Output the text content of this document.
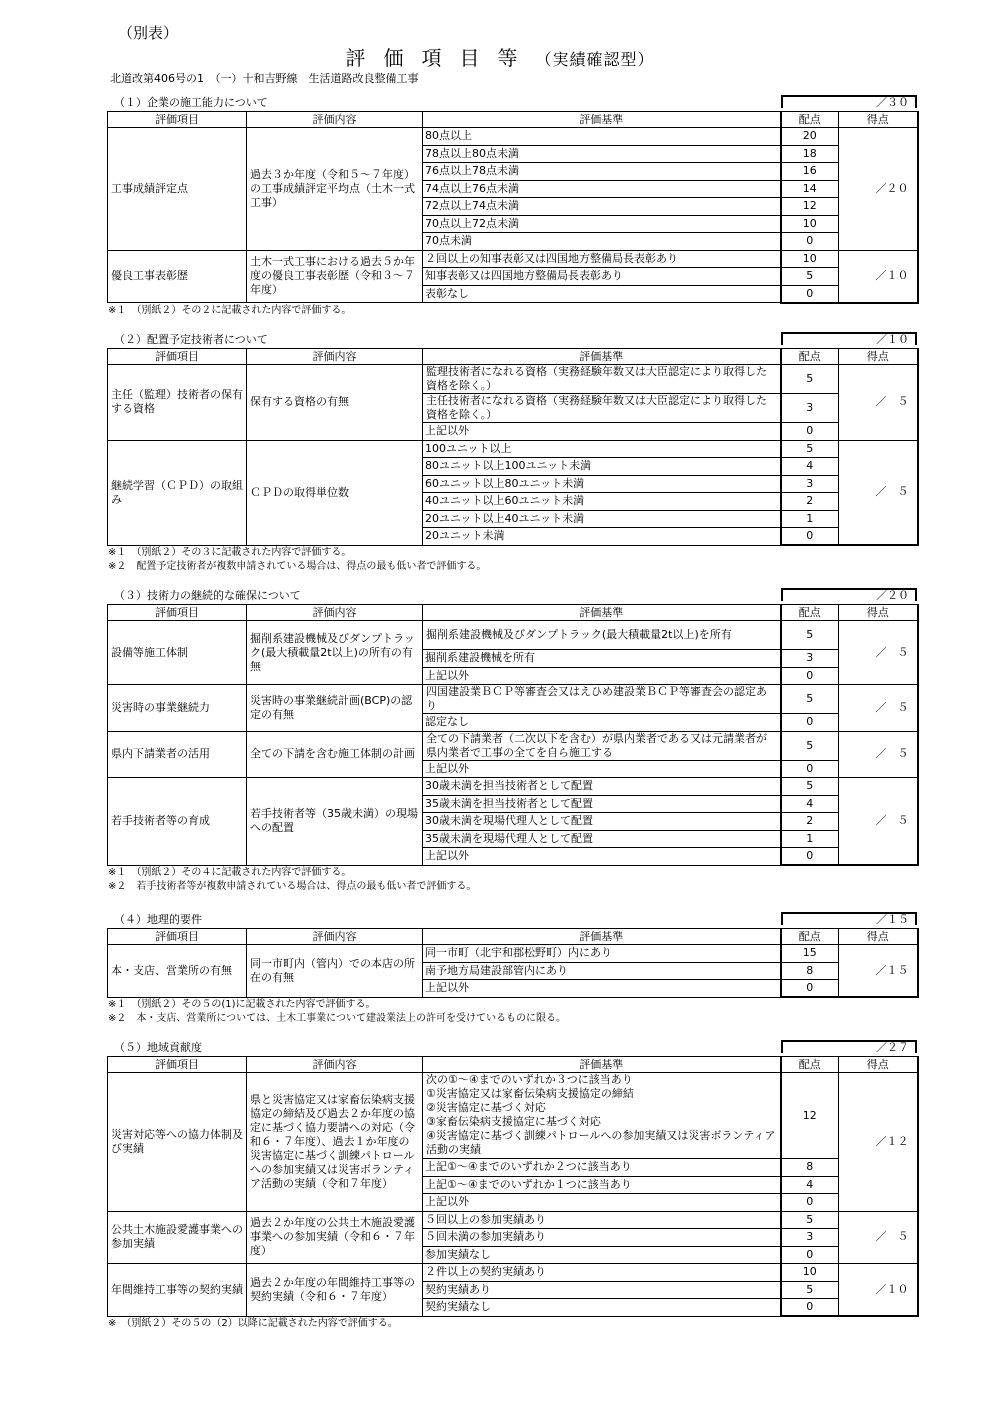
（別表）
評価項目等（実績確認型）
北道改第406号の1　（一）十和吉野線　生活道路改良整備工事
（１）企業の施工能力について	／３０
評価項目	評価内容	評価基準	配点	得点
工事成績評定点	過去３か年度（令和５～７年度）の工事成績評定平均点（土木一式工事）	80点以上	20	／２０
		78点以上80点未満	18	
		76点以上78点未満	16	
		74点以上76点未満	14	
		72点以上74点未満	12	
		70点以上72点未満	10	
		70点未満	0	
優良工事表彰歴	土木一式工事における過去５か年度の優良工事表彰歴（令和３～７年度）	２回以上の知事表彰又は四国地方整備局長表彰あり	10	／１０
		知事表彰又は四国地方整備局長表彰あり	5	
		表彰なし	0	
※１　（別紙２）その２に記載された内容で評価する。
（２）配置予定技術者について	／１０
評価項目	評価内容	評価基準	配点	得点
主任（監理）技術者の保有する資格	保有する資格の有無	監理技術者になれる資格（実務経験年数又は大臣認定により取得した資格を除く。）	5	／　５
		主任技術者になれる資格（実務経験年数又は大臣認定により取得した資格を除く。）	3	
		上記以外	0	
継続学習（ＣＰＤ）の取組み	ＣＰＤの取得単位数	100ユニット以上	5	／　５
		80ユニット以上100ユニット未満	4	
		60ユニット以上80ユニット未満	3	
		40ユニット以上60ユニット未満	2	
		20ユニット以上40ユニット未満	1	
		20ユニット未満	0	
※１　（別紙２）その３に記載された内容で評価する。
※２　配置予定技術者が複数申請されている場合は、得点の最も低い者で評価する。
（３）技術力の継続的な確保について	／２０
評価項目	評価内容	評価基準	配点	得点
設備等施工体制	掘削系建設機械及びダンプトラック(最大積載量2t以上)の所有の有無	掘削系建設機械及びダンプトラック(最大積載量2t以上)を所有	5	／　５
		掘削系建設機械を所有	3	
		上記以外	0	
災害時の事業継続力	災害時の事業継続計画(BCP)の認定の有無	四国建設業ＢＣＰ等審査会又はえひめ建設業ＢＣＰ等審査会の認定あり	5	／　５
		認定なし	0	
県内下請業者の活用	全ての下請を含む施工体制の計画	全ての下請業者（二次以下を含む）が県内業者である又は元請業者が県内業者で工事の全てを自ら施工する	5	／　５
		上記以外	0	
若手技術者等の育成	若手技術者等（35歳未満）の現場への配置	30歳未満を担当技術者として配置	5	／　５
		35歳未満を担当技術者として配置	4	
		30歳未満を現場代理人として配置	2	
		35歳未満を現場代理人として配置	1	
		上記以外	0	
※１　（別紙２）その４に記載された内容で評価する。
※２　若手技術者等が複数申請されている場合は、得点の最も低い者で評価する。
（４）地理的要件	／１５
評価項目	評価内容	評価基準	配点	得点
本・支店、営業所の有無	同一市町内（管内）での本店の所在の有無	同一市町（北宇和郡松野町）内にあり	15	／１５
		南予地方局建設部管内にあり	8	
		上記以外	0	
※１　（別紙２）その５の(1)に記載された内容で評価する。
※２　本・支店、営業所については、土木工事業について建設業法上の許可を受けているものに限る。
（５）地域貢献度	／２７
評価項目	評価内容	評価基準	配点	得点
災害対応等への協力体制及び実績	県と災害協定又は家畜伝染病支援協定の締結及び過去２か年度の協定に基づく協力要請への対応（令和６・７年度）、過去１か年度の災害協定に基づく訓練パトロールへの参加実績又は災害ボランティア活動の実績（令和７年度）	次の①～④までのいずれか３つに該当あり
①災害協定又は家畜伝染病支援協定の締結
②災害協定に基づく対応
③家畜伝染病支援協定に基づく対応
④災害協定に基づく訓練パトロールへの参加実績又は災害ボランティア活動の実績	12	／１２
		上記①～④までのいずれか２つに該当あり	8	
		上記①～④までのいずれか１つに該当あり	4	
		上記以外	0	
公共土木施設愛護事業への参加実績	過去２か年度の公共土木施設愛護事業への参加実績（令和６・７年度）	５回以上の参加実績あり	5	／　５
		５回未満の参加実績あり	3	
		参加実績なし	0	
年間維持工事等の契約実績	過去２か年度の年間維持工事等の契約実績（令和６・７年度）	２件以上の契約実績あり	10	／１０
		契約実績あり	5	
		契約実績なし	0	
※　（別紙２）その５の（2）以降に記載された内容で評価する。
